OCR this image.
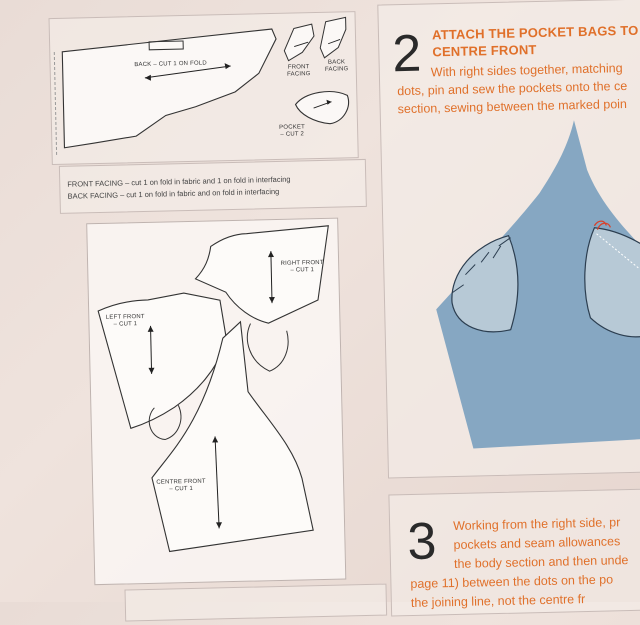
BACK – CUT 1 ON FOLD	FRONT
FACING
BACK
FACING
POCKET
– CUT 2
FRONT FACING – cut 1 on fold in fabric and 1 on fold in interfacing
BACK FACING – cut 1 on fold in fabric and on fold in interfacing
RIGHT FRONT
– CUT 1
LEFT FRONT
– CUT 1
CENTRE FRONT
– CUT 1
2 ATTACH THE POCKET BAGS TO
CENTRE FRONT
With right sides together, matching
dots, pin and sew the pockets onto the ce
section, sewing between the marked poin
3 Working from the right side, pr
pockets and seam allowances
the body section and then unde
page 11) between the dots on the po
the joining line, not the centre fr
